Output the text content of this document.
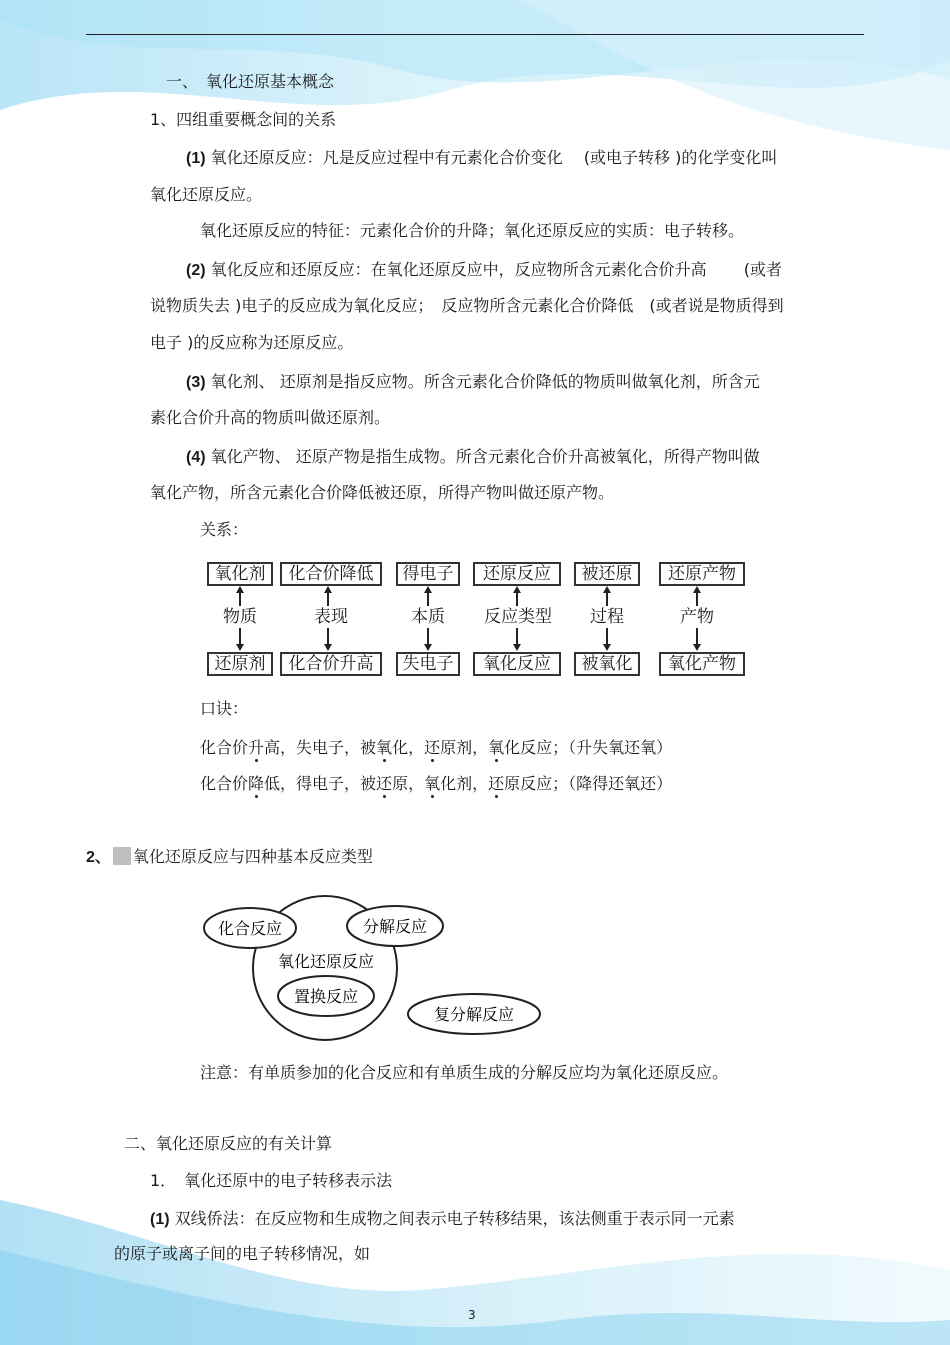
一、　氧化还原基本概念
1、四组重要概念间的关系
(1) 氧化还原反应：凡是反应过程中有元素化合价变化　 (或电子转移 )的化学变化叫
氧化还原反应。
氧化还原反应的特征：元素化合价的升降；氧化还原反应的实质：电子转移。
(2) 氧化反应和还原反应：在氧化还原反应中，反应物所含元素化合价升高　　 (或者
说物质失去 )电子的反应成为氧化反应；　反应物所含元素化合价降低　(或者说是物质得到
电子 )的反应称为还原反应。
(3) 氧化剂、 还原剂是指反应物。所含元素化合价降低的物质叫做氧化剂，所含元
素化合价升高的物质叫做还原剂。
(4) 氧化产物、 还原产物是指生成物。所含元素化合价升高被氧化，所得产物叫做
氧化产物，所含元素化合价降低被还原，所得产物叫做还原产物。
关系：
氧化剂
物质
还原剂
化合价降低
表现
化合价升高
得电子
本质
失电子
还原反应
反应类型
氧化反应
被还原
过程
被氧化
还原产物
产物
氧化产物
口诀：
化合价升高，失电子，被氧化，还原剂，氧化反应；（升失氧还氧）
化合价降低，得电子，被还原，氧化剂，还原反应；（降得还氧还）
2、 氧化还原反应与四种基本反应类型
化合反应	分解反应
氧化还原反应
置换反应
复分解反应
注意：有单质参加的化合反应和有单质生成的分解反应均为氧化还原反应。
二、氧化还原反应的有关计算
1．　氧化还原中的电子转移表示法
(1) 双线侨法：在反应物和生成物之间表示电子转移结果，该法侧重于表示同一元素
的原子或离子间的电子转移情况，如
3
